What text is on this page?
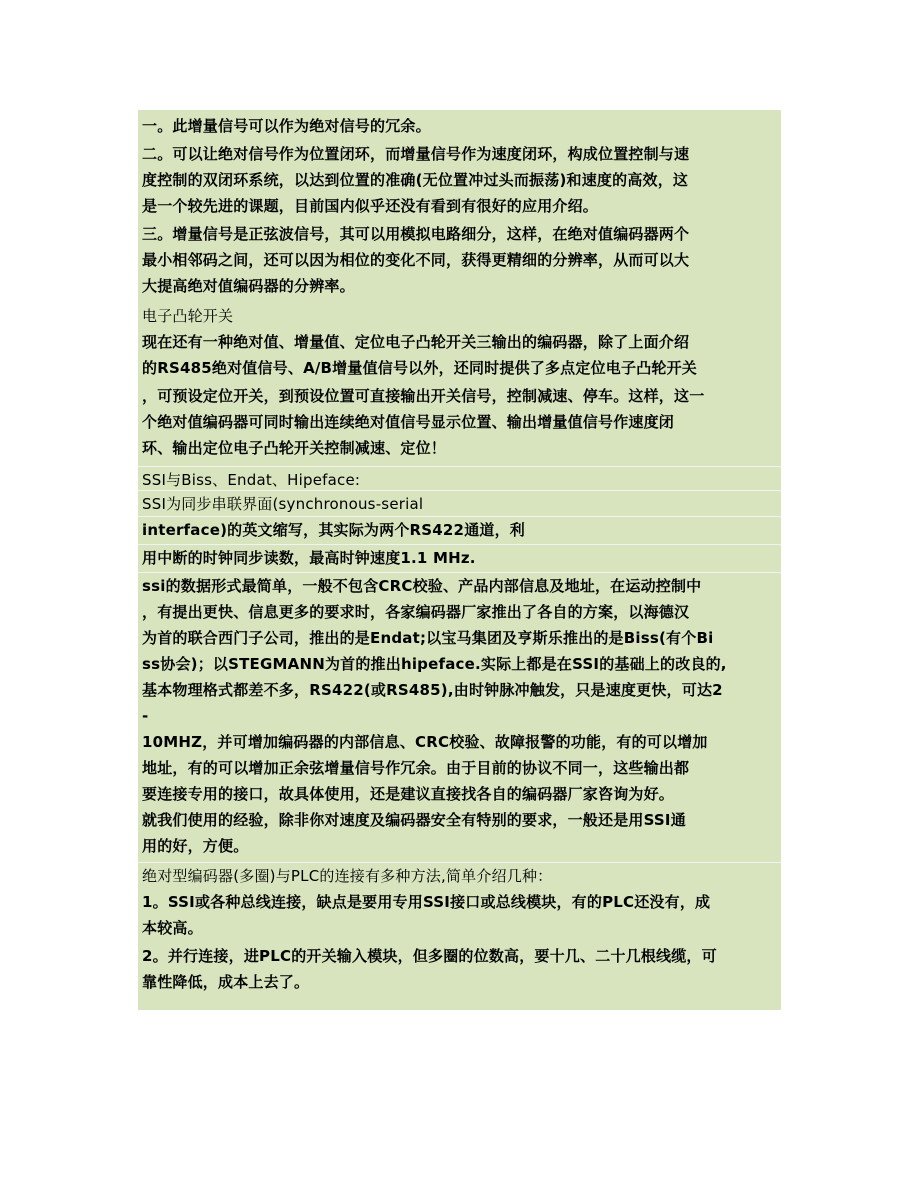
一。此增量信号可以作为绝对信号的冗余。
二。可以让绝对信号作为位置闭环，而增量信号作为速度闭环，构成位置控制与速
度控制的双闭环系统，以达到位置的准确(无位置冲过头而振荡)和速度的高效，这
是一个较先进的课题，目前国内似乎还没有看到有很好的应用介绍。
三。增量信号是正弦波信号，其可以用模拟电路细分，这样，在绝对值编码器两个
最小相邻码之间，还可以因为相位的变化不同，获得更精细的分辨率，从而可以大
大提高绝对值编码器的分辨率。
电子凸轮开关
现在还有一种绝对值、增量值、定位电子凸轮开关三输出的编码器，除了上面介绍
的RS485绝对值信号、A/B增量值信号以外，还同时提供了多点定位电子凸轮开关
，可预设定位开关，到预设位置可直接输出开关信号，控制减速、停车。这样，这一
个绝对值编码器可同时输出连续绝对值信号显示位置、输出增量值信号作速度闭
环、输出定位电子凸轮开关控制减速、定位！
SSI与Biss、Endat、Hipeface:
SSI为同步串联界面(synchronous-serial
interface)的英文缩写，其实际为两个RS422通道，利
用中断的时钟同步读数，最高时钟速度1.1 MHz.
ssi的数据形式最简单，一般不包含CRC校验、产品内部信息及地址，在运动控制中
，有提出更快、信息更多的要求时，各家编码器厂家推出了各自的方案，以海德汉
为首的联合西门子公司，推出的是Endat;以宝马集团及亨斯乐推出的是Biss(有个Bi
ss协会)；以STEGMANN为首的推出hipeface.实际上都是在SSI的基础上的改良的,
基本物理格式都差不多，RS422(或RS485),由时钟脉冲触发，只是速度更快，可达2
-
10MHZ，并可增加编码器的内部信息、CRC校验、故障报警的功能，有的可以增加
地址，有的可以增加正余弦增量信号作冗余。由于目前的协议不同一，这些输出都
要连接专用的接口，故具体使用，还是建议直接找各自的编码器厂家咨询为好。
就我们使用的经验，除非你对速度及编码器安全有特别的要求，一般还是用SSI通
用的好，方便。
绝对型编码器(多圈)与PLC的连接有多种方法,简单介绍几种：
1。SSI或各种总线连接，缺点是要用专用SSI接口或总线模块，有的PLC还没有，成
本较高。
2。并行连接，进PLC的开关输入模块，但多圈的位数高，要十几、二十几根线缆，可
靠性降低，成本上去了。
